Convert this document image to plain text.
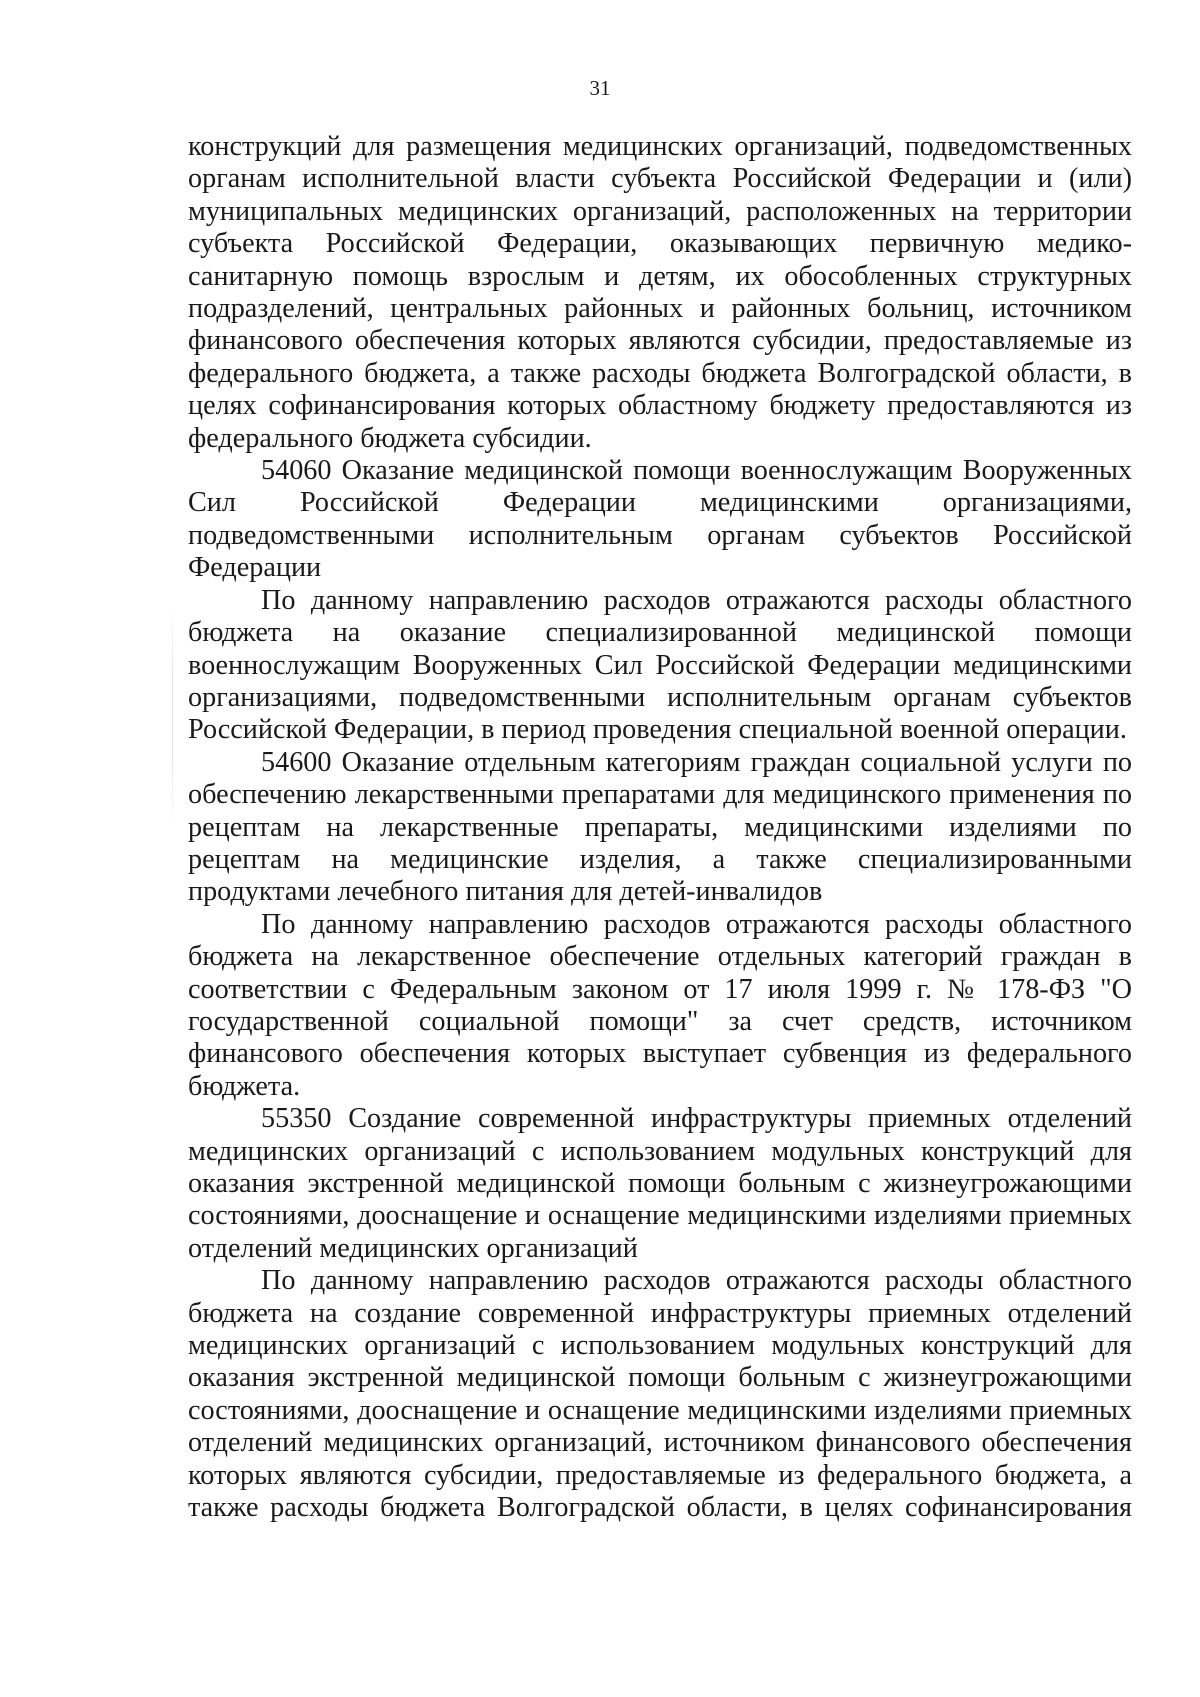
31

конструкций для размещения медицинских организаций, подведомственных органам исполнительной власти субъекта Российской Федерации и (или) муниципальных медицинских организаций, расположенных на территории субъекта Российской Федерации, оказывающих первичную медико-санитарную помощь взрослым и детям, их обособленных структурных подразделений, центральных районных и районных больниц, источником финансового обеспечения которых являются субсидии, предоставляемые из федерального бюджета, а также расходы бюджета Волгоградской области, в целях софинансирования которых областному бюджету предоставляются из федерального бюджета субсидии.

54060 Оказание медицинской помощи военнослужащим Вооруженных Сил Российской Федерации медицинскими организациями, подведомственными исполнительным органам субъектов Российской Федерации

По данному направлению расходов отражаются расходы областного бюджета на оказание специализированной медицинской помощи военнослужащим Вооруженных Сил Российской Федерации медицинскими организациями, подведомственными исполнительным органам субъектов Российской Федерации, в период проведения специальной военной операции.

54600 Оказание отдельным категориям граждан социальной услуги по обеспечению лекарственными препаратами для медицинского применения по рецептам на лекарственные препараты, медицинскими изделиями по рецептам на медицинские изделия, а также специализированными продуктами лечебного питания для детей-инвалидов

По данному направлению расходов отражаются расходы областного бюджета на лекарственное обеспечение отдельных категорий граждан в соответствии с Федеральным законом от 17 июля 1999 г. № 178-ФЗ "О государственной социальной помощи" за счет средств, источником финансового обеспечения которых выступает субвенция из федерального бюджета.

55350 Создание современной инфраструктуры приемных отделений медицинских организаций с использованием модульных конструкций для оказания экстренной медицинской помощи больным с жизнеугрожающими состояниями, дооснащение и оснащение медицинскими изделиями приемных отделений медицинских организаций

По данному направлению расходов отражаются расходы областного бюджета на создание современной инфраструктуры приемных отделений медицинских организаций с использованием модульных конструкций для оказания экстренной медицинской помощи больным с жизнеугрожающими состояниями, дооснащение и оснащение медицинскими изделиями приемных отделений медицинских организаций, источником финансового обеспечения которых являются субсидии, предоставляемые из федерального бюджета, а также расходы бюджета Волгоградской области, в целях софинансирования
